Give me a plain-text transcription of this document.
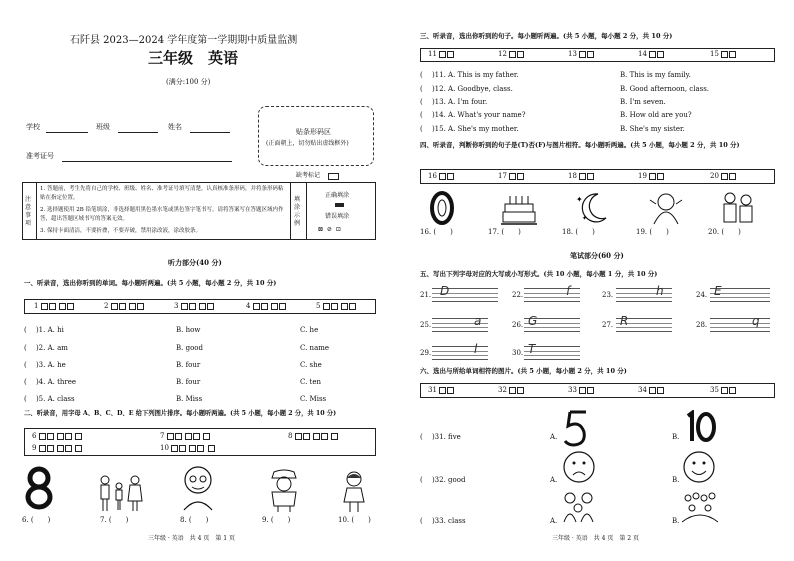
石阡县 2023—2024 学年度第一学期期中质量监测
三年级　英语
(满分:100 分)
学校	班级	姓名
准考证号
贴条形码区
(正面朝上，切勿贴出虚线框外)
缺考标记
注意事项
1. 答题前，考生先将自己的学校、班级、姓名、准考证号填写清楚，认真核准条形码，并将条形码粘贴在指定位置。
2. 选择题使用 2B 铅笔填涂，非选择题用黑色墨水笔或黑色签字笔书写。请将答案写在答题区域内作答，超出答题区域书写的答案无效。
3. 保持卡面清洁，不要折叠，不要弄破，禁用涂改液，涂改胶条。
填涂示例
正确填涂
错误填涂
⊠ ⊘ ⊡
听力部分(40 分)
一、听录音，选出你听到的单词。每小题听两遍。(共 5 小题，每小题 2 分，共 10 分)
1	2	3	4	5
( 　)1. A. hi	B. how	C. he
( 　)2. A. am	B. good	C. name
( 　)3. A. he	B. four	C. she
( 　)4. A. three	B. four	C. ten
( 　)5. A. class	B. Miss	C. Miss
二、听录音，用字母 A、B、C、D、E 给下列图片排序。每小题听两遍。(共 5 小题，每小题 2 分，共 10 分)
6	7	8
9	10
6. (　　)	7. (　　)	8. (　　)	9. (　　)	10. (　　)
三年级 · 英语　共 4 页　第 1 页
三、听录音，选出你听到的句子。每小题听两遍。(共 5 小题，每小题 2 分，共 10 分)
11	12	13	14	15
( 　)11. A. This is my father.	B. This is my family.
( 　)12. A. Goodbye, class.	B. Good afternoon, class.
( 　)13. A. I'm four.	B. I'm seven.
( 　)14. A. What's your name?	B. How old are you?
( 　)15. A. She's my mother.	B. She's my sister.
四、听录音，判断你听到的句子是(T)否(F)与图片相符。每小题听两遍。(共 5 小题，每小题 2 分，共 10 分)
16	17	18	19	20
✦
✦
16. (　　)	17. (　　)	18. (　　)	19. (　　)	20. (　　)
笔试部分(60 分)
五、写出下列字母对应的大写或小写形式。(共 10 小题，每小题 1 分，共 10 分)
21. D	22.	f	23.	h	24. E
25.	a	26. G	27. R	28.	q
29.	l	30. T
六、选出与所给单词相符的图片。(共 5 小题，每小题 2 分，共 10 分)
31	32	33	34	35
( 　)31. five	A.	B.
( 　)32. good	A.	B.
( 　)33. class	A.	B.
三年级 · 英语　共 4 页　第 2 页
